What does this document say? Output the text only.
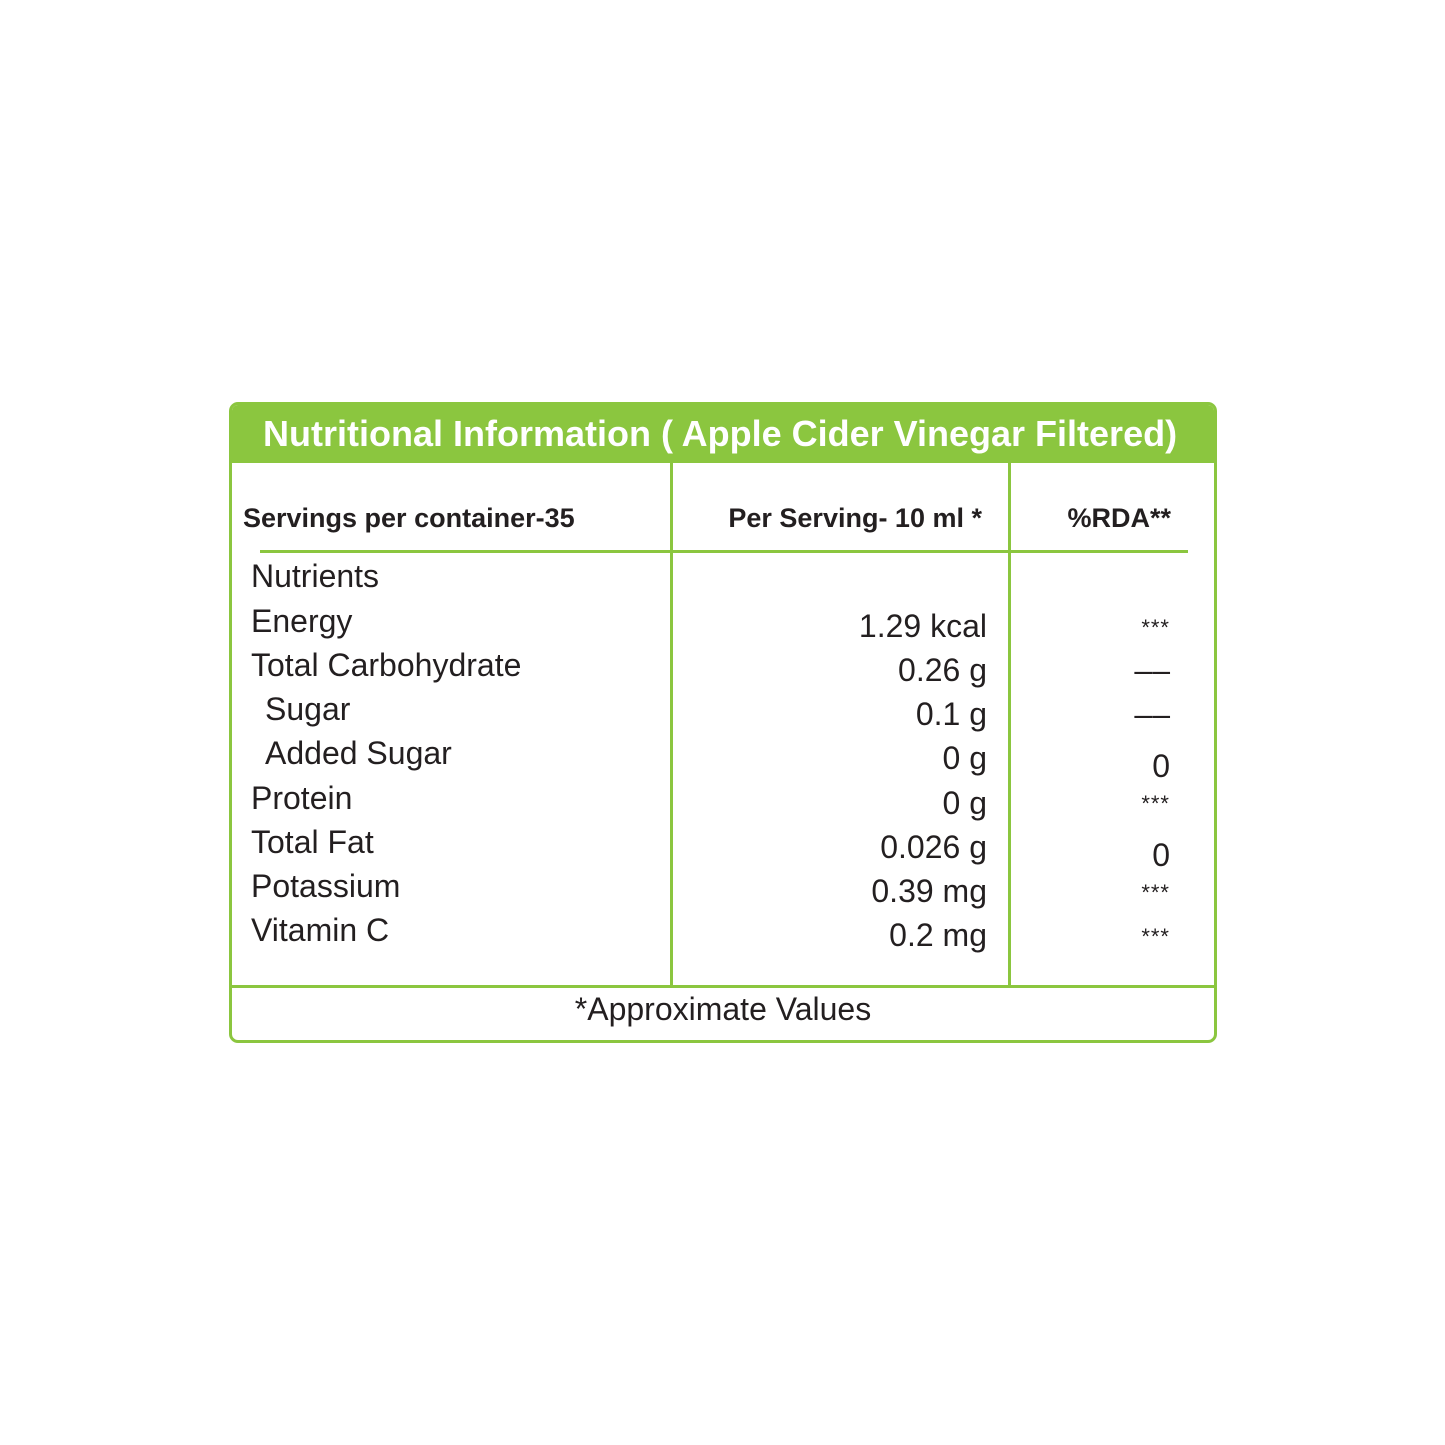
Nutritional Information ( Apple Cider Vinegar Filtered)
Servings per container-35	Per Serving- 10 ml *	%RDA**
Nutrients
Energy	1.29 kcal	***
Total Carbohydrate	0.26 g	––
Sugar	0.1 g	––
Added Sugar	0 g	0
Protein	0 g	***
Total Fat	0.026 g	0
Potassium	0.39 mg	***
Vitamin C	0.2 mg	***
*Approximate Values
